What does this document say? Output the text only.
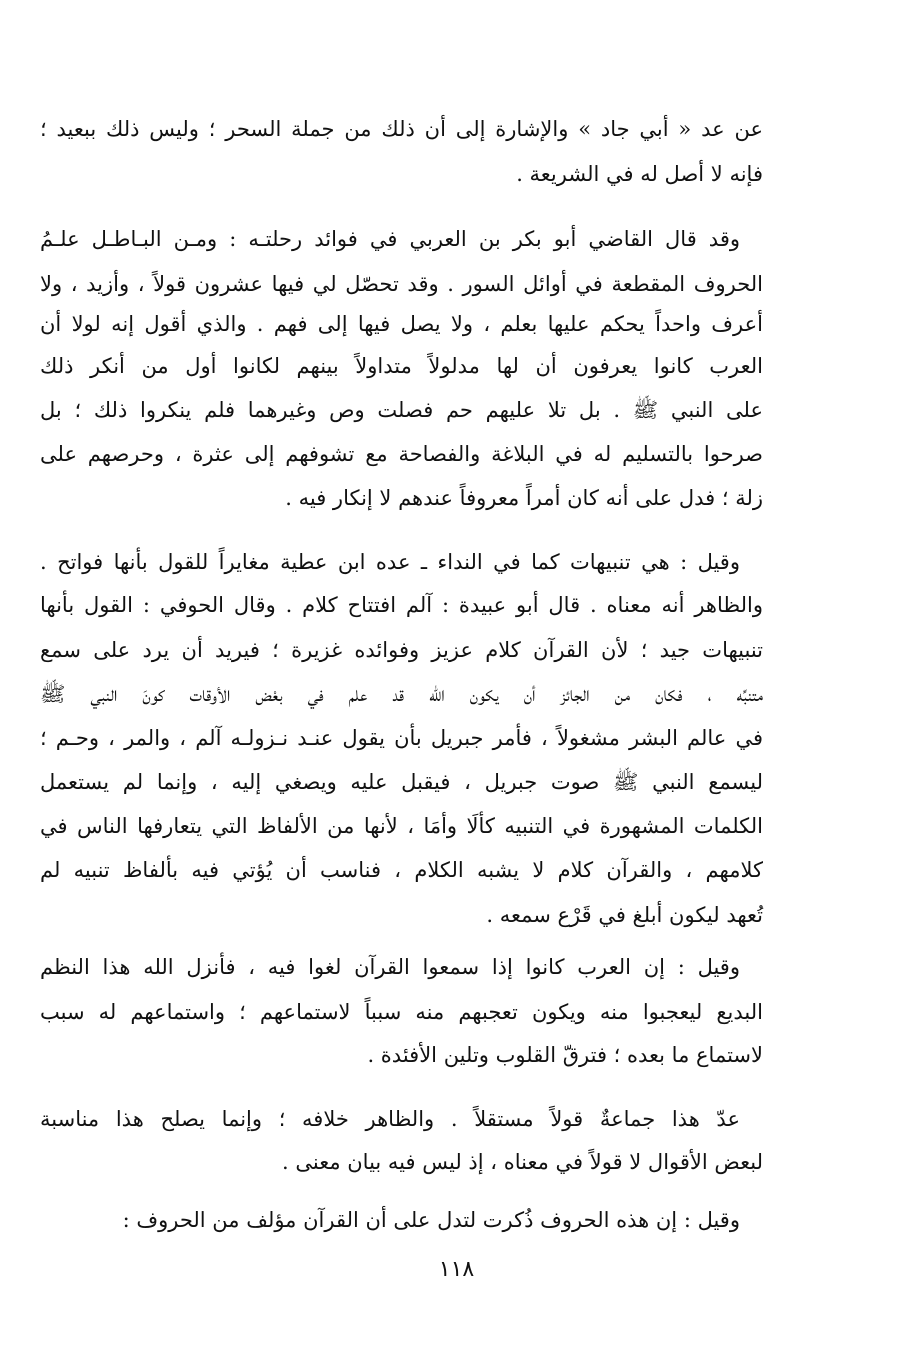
عن عد « أبي جاد » والإشارة إلى أن ذلك من جملة السحر ؛ وليس ذلك ببعيد ؛
فإنه لا أصل له في الشريعة .
وقد قال القاضي أبو بكر بن العربي في فوائد رحلتـه : ومـن البـاطـل علـمُ
الحروف المقطعة في أوائل السور . وقد تحصّل لي فيها عشرون قولاً ، وأزيد ، ولا
أعرف واحداً يحكم عليها بعلم ، ولا يصل فيها إلى فهم . والذي أقول إنه لولا أن
العرب كانوا يعرفون أن لها مدلولاً متداولاً بينهم لكانوا أول من أنكر ذلك
على النبي ﷺ . بل تلا عليهم حم فصلت وص وغيرهما فلم ينكروا ذلك ؛ بل
صرحوا بالتسليم له في البلاغة والفصاحة مع تشوفهم إلى عثرة ، وحرصهم على
زلة ؛ فدل على أنه كان أمراً معروفاً عندهم لا إنكار فيه .
وقيل : هي تنبيهات كما في النداء ـ عده ابن عطية مغايراً للقول بأنها فواتح .
والظاهر أنه معناه . قال أبو عبيدة : آلم افتتاح كلام . وقال الحوفي : القول بأنها
تنبيهات جيد ؛ لأن القرآن كلام عزيز وفوائده غزيرة ؛ فيريد أن يرد على سمع
متنبِّه ، فكان من الجائز أن يكون الله قد علم في بعْض الأوقات كونَ النبي ﷺ
في عالم البشر مشغولاً ، فأمر جبريل بأن يقول عنـد نـزولـه آلم ، والمر ، وحـم ؛
ليسمع النبي ﷺ صوت جبريل ، فيقبل عليه ويصغي إليه ، وإنما لم يستعمل
الكلمات المشهورة في التنبيه كألَا وأمَا ، لأنها من الألفاظ التي يتعارفها الناس في
كلامهم ، والقرآن كلام لا يشبه الكلام ، فناسب أن يُؤتي فيه بألفاظ تنبيه لم
تُعهد ليكون أبلغ في قَرْع سمعه .
وقيل : إن العرب كانوا إذا سمعوا القرآن لغوا فيه ، فأنزل الله هذا النظم
البديع ليعجبوا منه ويكون تعجبهم منه سبباً لاستماعهم ؛ واستماعهم له سبب
لاستماع ما بعده ؛ فترقّ القلوب وتلين الأفئدة .
عدّ هذا جماعةٌ قولاً مستقلاً . والظاهر خلافه ؛ وإنما يصلح هذا مناسبة
لبعض الأقوال لا قولاً في معناه ، إذ ليس فيه بيان معنى .
وقيل : إن هذه الحروف ذُكرت لتدل على أن القرآن مؤلف من الحروف :
١١٨
